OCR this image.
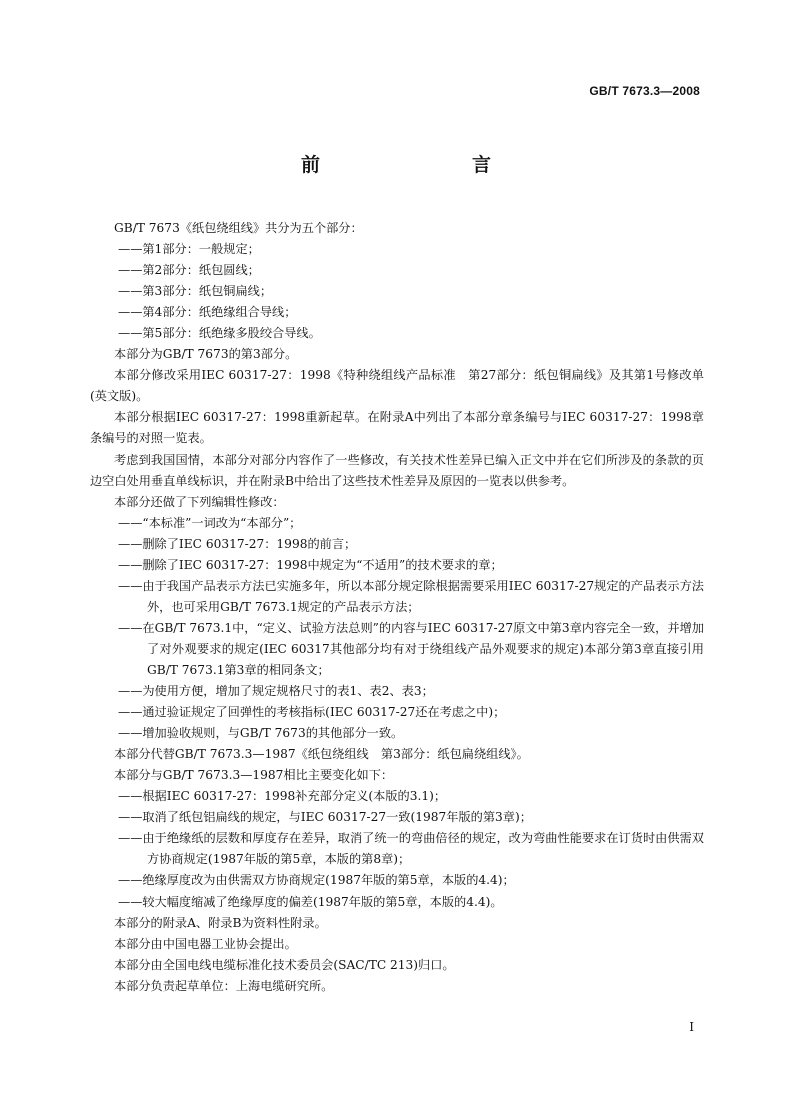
GB/T 7673.3—2008
前　　言
GB/T 7673《纸包绕组线》共分为五个部分：
——第1部分：一般规定；
——第2部分：纸包圆线；
——第3部分：纸包铜扁线；
——第4部分：纸绝缘组合导线；
——第5部分：纸绝缘多股绞合导线。
本部分为GB/T 7673的第3部分。
本部分修改采用IEC 60317-27：1998《特种绕组线产品标准　第27部分：纸包铜扁线》及其第1号修改单(英文版)。
本部分根据IEC 60317-27：1998重新起草。在附录A中列出了本部分章条编号与IEC 60317-27：1998章条编号的对照一览表。
考虑到我国国情，本部分对部分内容作了一些修改，有关技术性差异已编入正文中并在它们所涉及的条款的页边空白处用垂直单线标识，并在附录B中给出了这些技术性差异及原因的一览表以供参考。
本部分还做了下列编辑性修改：
——“本标准”一词改为“本部分”；
——删除了IEC 60317-27：1998的前言；
——删除了IEC 60317-27：1998中规定为“不适用”的技术要求的章；
——由于我国产品表示方法已实施多年，所以本部分规定除根据需要采用IEC 60317-27规定的产品表示方法外，也可采用GB/T 7673.1规定的产品表示方法；
——在GB/T 7673.1中，“定义、试验方法总则”的内容与IEC 60317-27原文中第3章内容完全一致，并增加了对外观要求的规定(IEC 60317其他部分均有对于绕组线产品外观要求的规定)本部分第3章直接引用GB/T 7673.1第3章的相同条文；
——为使用方便，增加了规定规格尺寸的表1、表2、表3；
——通过验证规定了回弹性的考核指标(IEC 60317-27还在考虑之中)；
——增加验收规则，与GB/T 7673的其他部分一致。
本部分代替GB/T 7673.3—1987《纸包绕组线　第3部分：纸包扁绕组线》。
本部分与GB/T 7673.3—1987相比主要变化如下：
——根据IEC 60317-27：1998补充部分定义(本版的3.1)；
——取消了纸包铝扁线的规定，与IEC 60317-27一致(1987年版的第3章)；
——由于绝缘纸的层数和厚度存在差异，取消了统一的弯曲倍径的规定，改为弯曲性能要求在订货时由供需双方协商规定(1987年版的第5章，本版的第8章)；
——绝缘厚度改为由供需双方协商规定(1987年版的第5章，本版的4.4)；
——较大幅度缩减了绝缘厚度的偏差(1987年版的第5章，本版的4.4)。
本部分的附录A、附录B为资料性附录。
本部分由中国电器工业协会提出。
本部分由全国电线电缆标准化技术委员会(SAC/TC 213)归口。
本部分负责起草单位：上海电缆研究所。
I
